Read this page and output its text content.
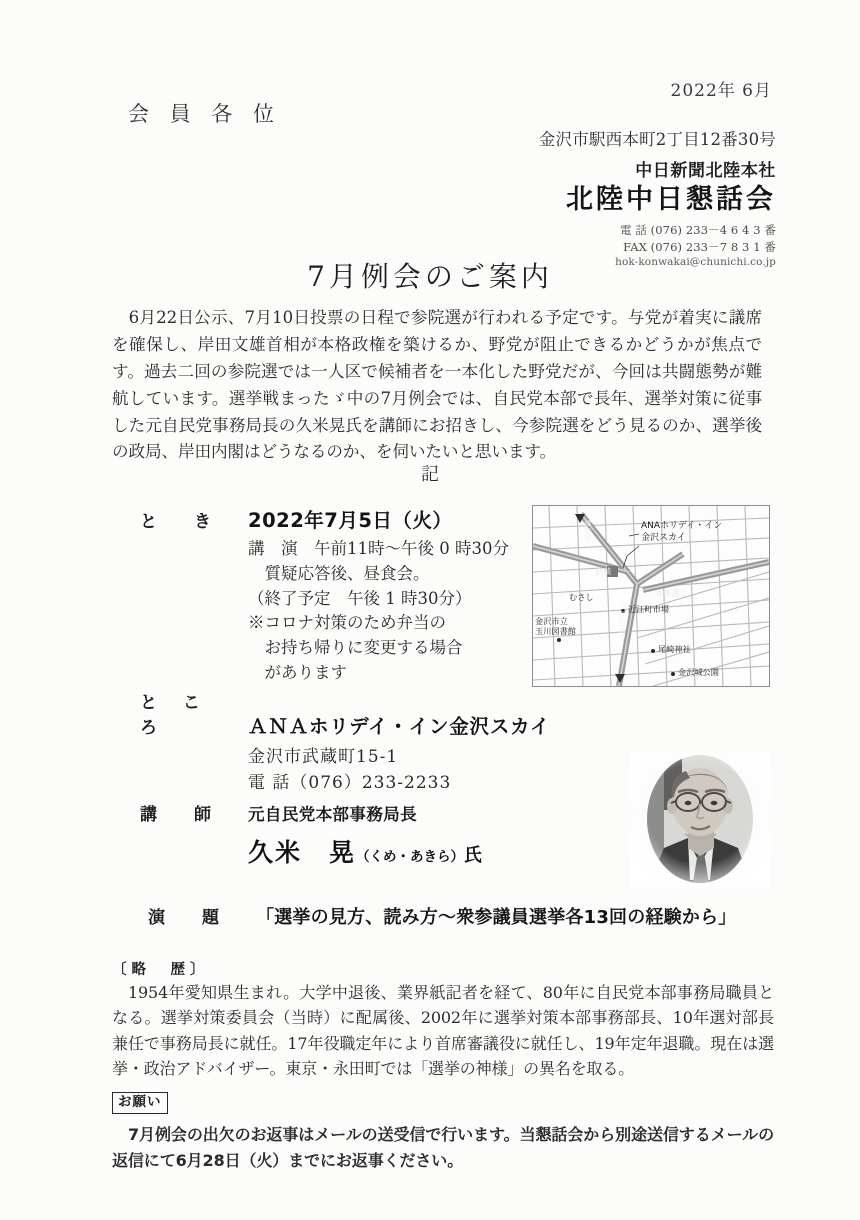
2022年 6月
会 員 各 位
金沢市駅西本町2丁目12番30号
中日新聞北陸本社
北陸中日懇話会
電 話 (076) 233－4 6 4 3 番
FAX (076) 233－7 8 3 1 番
hok-konwakai@chunichi.co.jp
7月例会のご案内

6月22日公示、7月10日投票の日程で参院選が行われる予定です。与党が着実に議席を確保し、岸田文雄首相が本格政権を築けるか、野党が阻止できるかどうかが焦点です。過去二回の参院選では一人区で候補者を一本化した野党だが、今回は共闘態勢が難航しています。選挙戦まったゞ中の7月例会では、自民党本部で長年、選挙対策に従事した元自民党事務局長の久米晃氏を講師にお招きし、今参院選をどう見るのか、選挙後の政局、岸田内閣はどうなるのか、を伺いたいと思います。

記
と　き 2022年7月5日（火）
講　演　午前11時～午後 0 時30分
質疑応答後、昼食会。
（終了予定　午後 1 時30分）
※コロナ対策のため弁当の
お持ち帰りに変更する場合
があります
と こ ろ	ＡＮＡホリデイ・イン金沢スカイ
金沢市武蔵町15-1
電 話（076）233-2233
講　師 元自民党本部事務局長
久米　晃（くめ・あきら）氏
演　題 「選挙の見方、読み方～衆参議員選挙各13回の経験から」
〔略　歴〕

1954年愛知県生まれ。大学中退後、業界紙記者を経て、80年に自民党本部事務局職員となる。選挙対策委員会（当時）に配属後、2002年に選挙対策本部事務部長、10年選対部長兼任で事務局長に就任。17年役職定年により首席審議役に就任し、19年定年退職。現在は選挙・政治アドバイザー。東京・永田町では「選挙の神様」の異名を取る。

お願い

7月例会の出欠のお返事はメールの送受信で行います。当懇話会から別途送信するメールの返信にて6月28日（火）までにお返事ください。

ANAホリデイ・イン
金沢スカイ
近江町市場
尾崎神社
金沢城公園
金沢市立
玉川図書館
橋場町
百万石通り
武蔵
むさし	本多通り
